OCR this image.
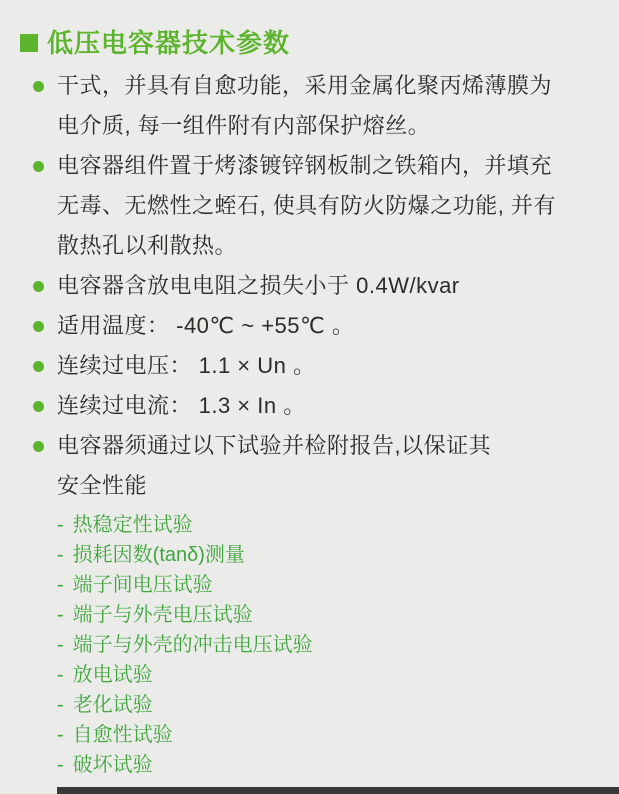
低压电容器技术参数
干式，并具有自愈功能，采用金属化聚丙烯薄膜为
电介质, 每一组件附有内部保护熔丝。
电容器组件置于烤漆镀锌钢板制之铁箱内，并填充
无毒、无燃性之蛭石, 使具有防火防爆之功能, 并有
散热孔以利散热。
电容器含放电电阻之损失小于 0.4W/kvar
适用温度： -40℃ ~ +55℃ 。
连续过电压： 1.1 × Un 。
连续过电流： 1.3 × In 。
电容器须通过以下试验并检附报告,以保证其
安全性能
- 热稳定性试验
- 损耗因数(tanδ)测量
- 端子间电压试验
- 端子与外壳电压试验
- 端子与外壳的冲击电压试验
- 放电试验
- 老化试验
- 自愈性试验
- 破坏试验
